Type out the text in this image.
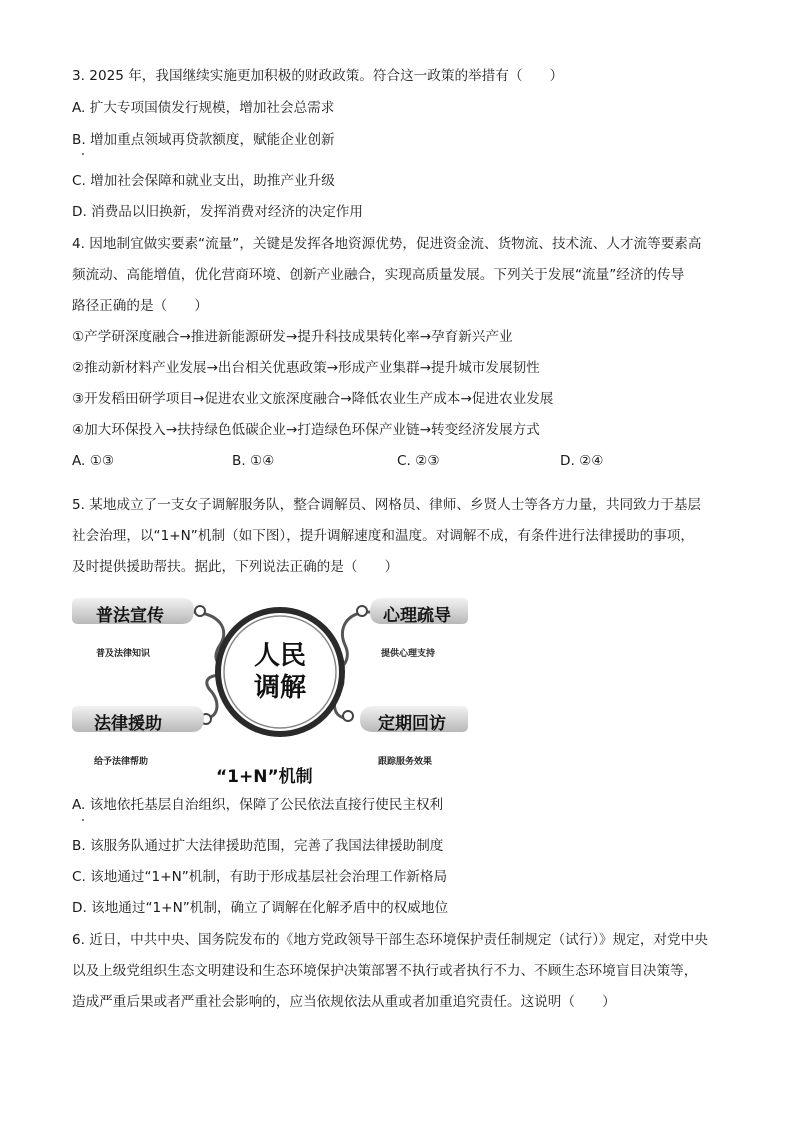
3. 2025 年，我国继续实施更加积极的财政政策。符合这一政策的举措有（　　）
A. 扩大专项国债发行规模，增加社会总需求
B. 增加重点领域再贷款额度，赋能企业创新
C. 增加社会保障和就业支出，助推产业升级
D. 消费品以旧换新，发挥消费对经济的决定作用
4. 因地制宜做实要素“流量”，关键是发挥各地资源优势，促进资金流、货物流、技术流、人才流等要素高
频流动、高能增值，优化营商环境、创新产业融合，实现高质量发展。下列关于发展“流量”经济的传导
路径正确的是（　　）
①产学研深度融合→推进新能源研发→提升科技成果转化率→孕育新兴产业
②推动新材料产业发展→出台相关优惠政策→形成产业集群→提升城市发展韧性
③开发稻田研学项目→促进农业文旅深度融合→降低农业生产成本→促进农业发展
④加大环保投入→扶持绿色低碳企业→打造绿色环保产业链→转变经济发展方式
A. ①③	B. ①④	C. ②③	D. ②④
5. 某地成立了一支女子调解服务队，整合调解员、网格员、律师、乡贤人士等各方力量，共同致力于基层
社会治理，以“1+N”机制（如下图），提升调解速度和温度。对调解不成，有条件进行法律援助的事项，
及时提供援助帮扶。据此，下列说法正确的是（　　）
人民
调解
普法宣传
普及法律知识
心理疏导
提供心理支持
法律援助
给予法律帮助
定期回访
跟踪服务效果
“1+N”机制
A. 该地依托基层自治组织，保障了公民依法直接行使民主权利
B. 该服务队通过扩大法律援助范围，完善了我国法律援助制度
C. 该地通过“1+N”机制，有助于形成基层社会治理工作新格局
D. 该地通过“1+N”机制，确立了调解在化解矛盾中的权威地位
6. 近日，中共中央、国务院发布的《地方党政领导干部生态环境保护责任制规定（试行）》规定，对党中央
以及上级党组织生态文明建设和生态环境保护决策部署不执行或者执行不力、不顾生态环境盲目决策等，
造成严重后果或者严重社会影响的，应当依规依法从重或者加重追究责任。这说明（　　）
